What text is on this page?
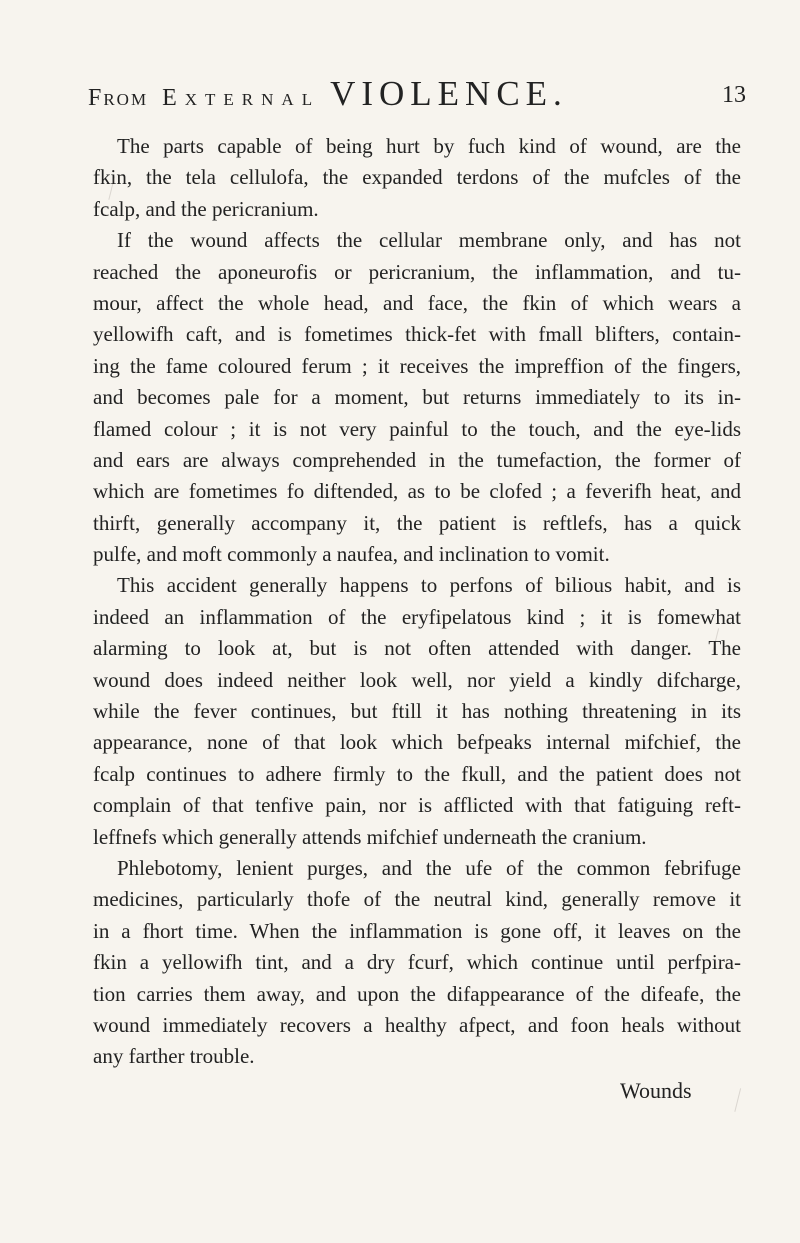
From External VIOLENCE.	13
The parts capable of being hurt by fuch kind of wound, are the
fkin, the tela cellulofa, the expanded terdons of the mufcles of the
fcalp, and the pericranium.
If the wound affects the cellular membrane only, and has not
reached the aponeurofis or pericranium, the inflammation, and tu-
mour, affect the whole head, and face, the fkin of which wears a
yellowifh caft, and is fometimes thick-fet with fmall blifters, contain-
ing the fame coloured ferum ; it receives the impreffion of the fingers,
and becomes pale for a moment, but returns immediately to its in-
flamed colour ; it is not very painful to the touch, and the eye-lids
and ears are always comprehended in the tumefaction, the former of
which are fometimes fo diftended, as to be clofed ; a feverifh heat, and
thirft, generally accompany it, the patient is reftlefs, has a quick
pulfe, and moft commonly a naufea, and inclination to vomit.
This accident generally happens to perfons of bilious habit, and is
indeed an inflammation of the eryfipelatous kind ; it is fomewhat
alarming to look at, but is not often attended with danger. The
wound does indeed neither look well, nor yield a kindly difcharge,
while the fever continues, but ftill it has nothing threatening in its
appearance, none of that look which befpeaks internal mifchief, the
fcalp continues to adhere firmly to the fkull, and the patient does not
complain of that tenfive pain, nor is afflicted with that fatiguing reft-
leffnefs which generally attends mifchief underneath the cranium.
Phlebotomy, lenient purges, and the ufe of the common febrifuge
medicines, particularly thofe of the neutral kind, generally remove it
in a fhort time. When the inflammation is gone off, it leaves on the
fkin a yellowifh tint, and a dry fcurf, which continue until perfpira-
tion carries them away, and upon the difappearance of the difeafe, the
wound immediately recovers a healthy afpect, and foon heals without
any farther trouble.
Wounds
